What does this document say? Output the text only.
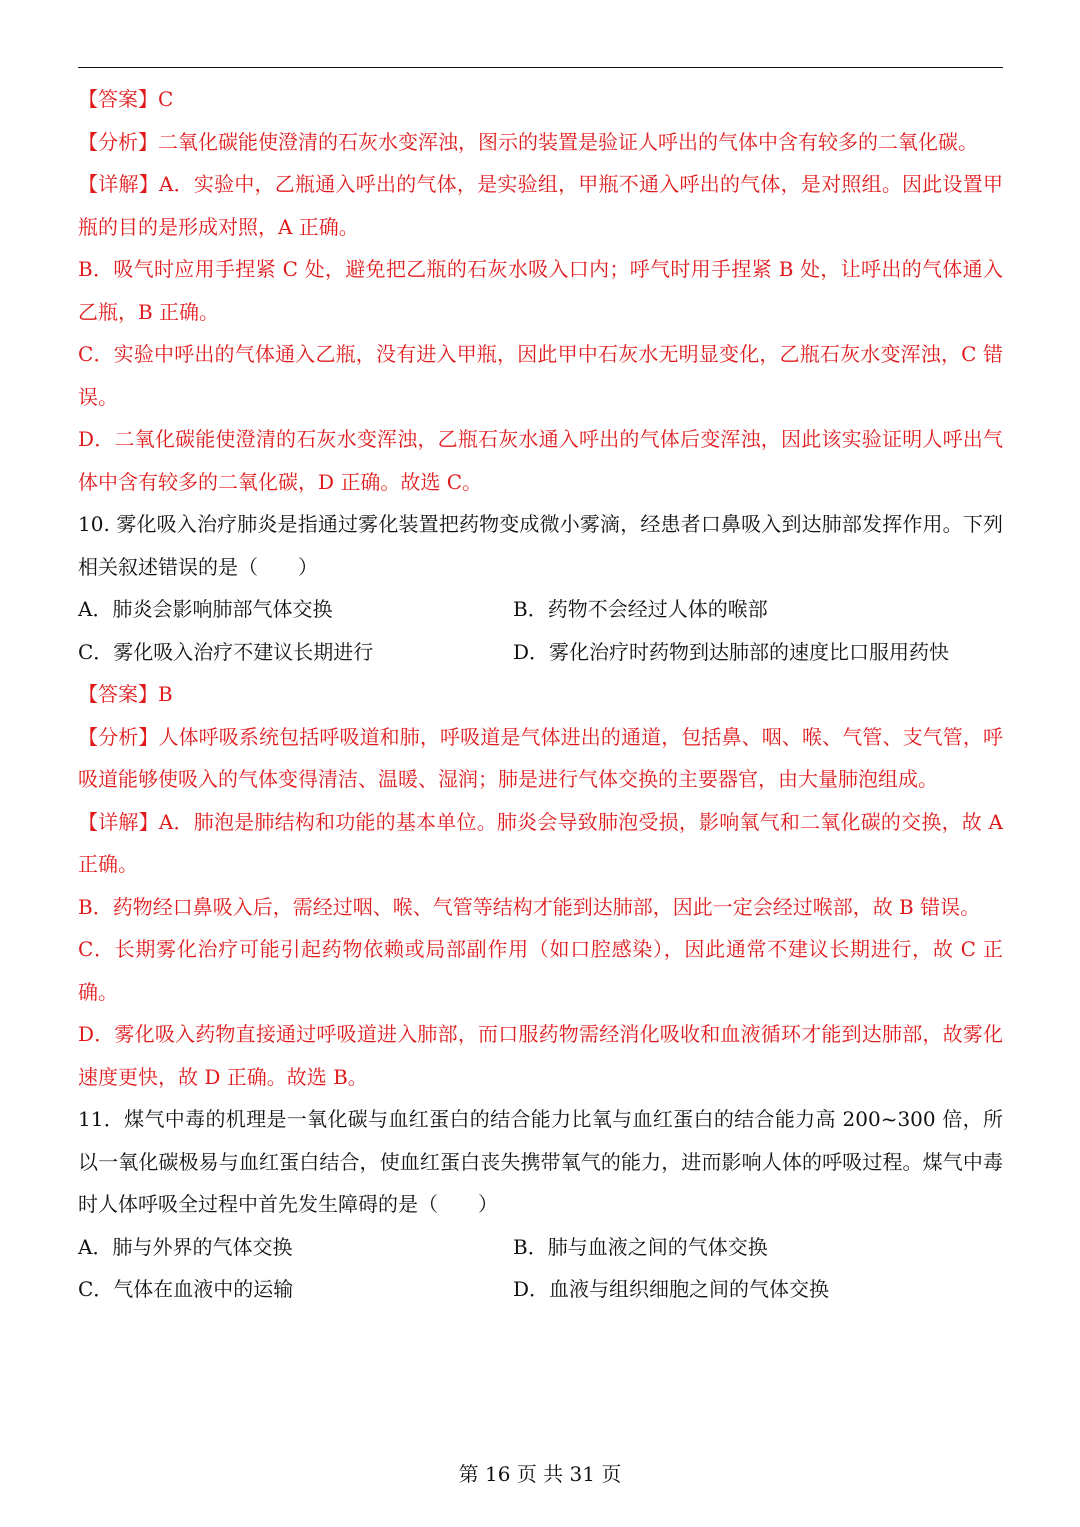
【答案】C

【分析】二氧化碳能使澄清的石灰水变浑浊，图示的装置是验证人呼出的气体中含有较多的二氧化碳。

【详解】A．实验中，乙瓶通入呼出的气体，是实验组，甲瓶不通入呼出的气体，是对照组。因此设置甲瓶的目的是形成对照，A 正确。

B．吸气时应用手捏紧 C 处，避免把乙瓶的石灰水吸入口内；呼气时用手捏紧 B 处，让呼出的气体通入乙瓶，B 正确。

C．实验中呼出的气体通入乙瓶，没有进入甲瓶，因此甲中石灰水无明显变化，乙瓶石灰水变浑浊，C 错误。

D．二氧化碳能使澄清的石灰水变浑浊，乙瓶石灰水通入呼出的气体后变浑浊，因此该实验证明人呼出气体中含有较多的二氧化碳，D 正确。故选 C。

10. 雾化吸入治疗肺炎是指通过雾化装置把药物变成微小雾滴，经患者口鼻吸入到达肺部发挥作用。下列相关叙述错误的是（　　）

A．肺炎会影响肺部气体交换	B．药物不会经过人体的喉部
C．雾化吸入治疗不建议长期进行	D．雾化治疗时药物到达肺部的速度比口服用药快

【答案】B

【分析】人体呼吸系统包括呼吸道和肺，呼吸道是气体进出的通道，包括鼻、咽、喉、气管、支气管，呼吸道能够使吸入的气体变得清洁、温暖、湿润；肺是进行气体交换的主要器官，由大量肺泡组成。

【详解】A．肺泡是肺结构和功能的基本单位。肺炎会导致肺泡受损，影响氧气和二氧化碳的交换，故 A 正确。

B．药物经口鼻吸入后，需经过咽、喉、气管等结构才能到达肺部，因此一定会经过喉部，故 B 错误。

C．长期雾化治疗可能引起药物依赖或局部副作用（如口腔感染），因此通常不建议长期进行，故 C 正确。

D．雾化吸入药物直接通过呼吸道进入肺部，而口服药物需经消化吸收和血液循环才能到达肺部，故雾化速度更快，故 D 正确。故选 B。

11．煤气中毒的机理是一氧化碳与血红蛋白的结合能力比氧与血红蛋白的结合能力高 200~300 倍，所以一氧化碳极易与血红蛋白结合，使血红蛋白丧失携带氧气的能力，进而影响人体的呼吸过程。煤气中毒时人体呼吸全过程中首先发生障碍的是（　　）

A．肺与外界的气体交换	B．肺与血液之间的气体交换
C．气体在血液中的运输	D．血液与组织细胞之间的气体交换
第 16 页 共 31 页
